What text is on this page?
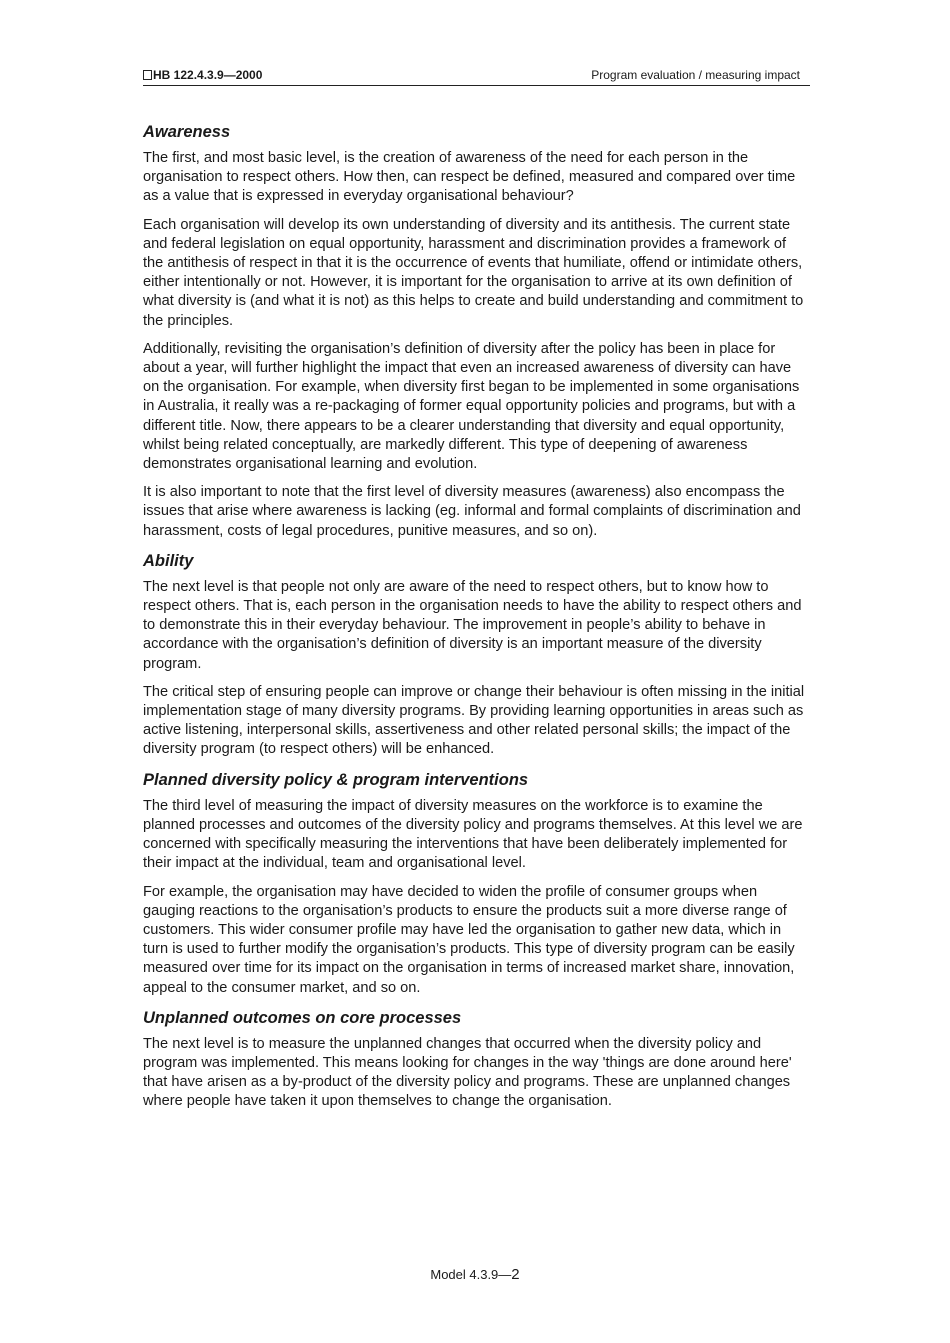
HB 122.4.3.9—2000	Program evaluation / measuring impact
Awareness

The first, and most basic level, is the creation of awareness of the need for each person in the organisation to respect others. How then, can respect be defined, measured and compared over time as a value that is expressed in everyday organisational behaviour?

Each organisation will develop its own understanding of diversity and its antithesis. The current state and federal legislation on equal opportunity, harassment and discrimination provides a framework of the antithesis of respect in that it is the occurrence of events that humiliate, offend or intimidate others, either intentionally or not. However, it is important for the organisation to arrive at its own definition of what diversity is (and what it is not) as this helps to create and build understanding and commitment to the principles.

Additionally, revisiting the organisation’s definition of diversity after the policy has been in place for about a year, will further highlight the impact that even an increased awareness of diversity can have on the organisation. For example, when diversity first began to be implemented in some organisations in Australia, it really was a re-packaging of former equal opportunity policies and programs, but with a different title. Now, there appears to be a clearer understanding that diversity and equal opportunity, whilst being related conceptually, are markedly different. This type of deepening of awareness demonstrates organisational learning and evolution.

It is also important to note that the first level of diversity measures (awareness) also encompass the issues that arise where awareness is lacking (eg. informal and formal complaints of discrimination and harassment, costs of legal procedures, punitive measures, and so on).

Ability

The next level is that people not only are aware of the need to respect others, but to know how to respect others. That is, each person in the organisation needs to have the ability to respect others and to demonstrate this in their everyday behaviour. The improvement in people’s ability to behave in accordance with the organisation’s definition of diversity is an important measure of the diversity program.

The critical step of ensuring people can improve or change their behaviour is often missing in the initial implementation stage of many diversity programs. By providing learning opportunities in areas such as active listening, interpersonal skills, assertiveness and other related personal skills; the impact of the diversity program (to respect others) will be enhanced.

Planned diversity policy & program interventions

The third level of measuring the impact of diversity measures on the workforce is to examine the planned processes and outcomes of the diversity policy and programs themselves. At this level we are concerned with specifically measuring the interventions that have been deliberately implemented for their impact at the individual, team and organisational level.

For example, the organisation may have decided to widen the profile of consumer groups when gauging reactions to the organisation’s products to ensure the products suit a more diverse range of customers. This wider consumer profile may have led the organisation to gather new data, which in turn is used to further modify the organisation’s products. This type of diversity program can be easily measured over time for its impact on the organisation in terms of increased market share, innovation, appeal to the consumer market, and so on.

Unplanned outcomes on core processes

The next level is to measure the unplanned changes that occurred when the diversity policy and program was implemented. This means looking for changes in the way 'things are done around here' that have arisen as a by-product of the diversity policy and programs. These are unplanned changes where people have taken it upon themselves to change the organisation.

Model 4.3.9—2
